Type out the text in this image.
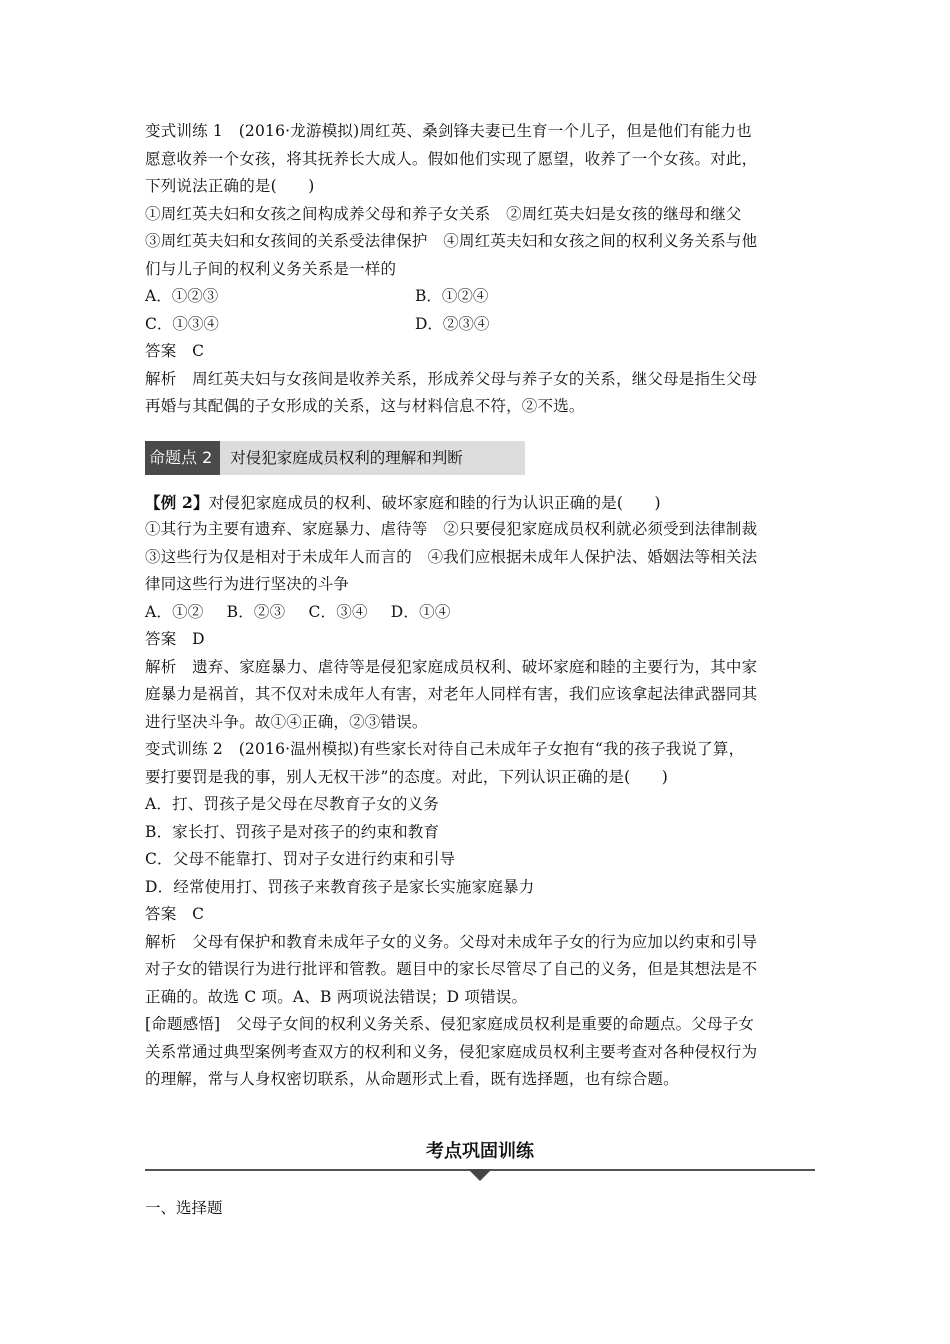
变式训练 1　(2016·龙游模拟)周红英、桑剑锋夫妻已生育一个儿子，但是他们有能力也
愿意收养一个女孩，将其抚养长大成人。假如他们实现了愿望，收养了一个女孩。对此，
下列说法正确的是(　　)
①周红英夫妇和女孩之间构成养父母和养子女关系　②周红英夫妇是女孩的继母和继父
③周红英夫妇和女孩间的关系受法律保护　④周红英夫妇和女孩之间的权利义务关系与他
们与儿子间的权利义务关系是一样的
A．①②③	B．①②④
C．①③④	D．②③④
答案　C
解析　周红英夫妇与女孩间是收养关系，形成养父母与养子女的关系，继父母是指生父母
再婚与其配偶的子女形成的关系，这与材料信息不符，②不选。
命题点 2	对侵犯家庭成员权利的理解和判断
【例 2】对侵犯家庭成员的权利、破坏家庭和睦的行为认识正确的是(　　)
①其行为主要有遗弃、家庭暴力、虐待等　②只要侵犯家庭成员权利就必须受到法律制裁
③这些行为仅是相对于未成年人而言的　④我们应根据未成年人保护法、婚姻法等相关法
律同这些行为进行坚决的斗争
A．①② B．②③ C．③④ D．①④
答案　D
解析　遗弃、家庭暴力、虐待等是侵犯家庭成员权利、破坏家庭和睦的主要行为，其中家
庭暴力是祸首，其不仅对未成年人有害，对老年人同样有害，我们应该拿起法律武器同其
进行坚决斗争。故①④正确，②③错误。
变式训练 2　(2016·温州模拟)有些家长对待自己未成年子女抱有“我的孩子我说了算，
要打要罚是我的事，别人无权干涉”的态度。对此，下列认识正确的是(　　)
A．打、罚孩子是父母在尽教育子女的义务
B．家长打、罚孩子是对孩子的约束和教育
C．父母不能靠打、罚对子女进行约束和引导
D．经常使用打、罚孩子来教育孩子是家长实施家庭暴力
答案　C
解析　父母有保护和教育未成年子女的义务。父母对未成年子女的行为应加以约束和引导
对子女的错误行为进行批评和管教。题目中的家长尽管尽了自己的义务，但是其想法是不
正确的。故选 C 项。A、B 两项说法错误；D 项错误。
[命题感悟]　父母子女间的权利义务关系、侵犯家庭成员权利是重要的命题点。父母子女
关系常通过典型案例考查双方的权利和义务，侵犯家庭成员权利主要考查对各种侵权行为
的理解，常与人身权密切联系，从命题形式上看，既有选择题，也有综合题。
考点巩固训练
一、选择题
